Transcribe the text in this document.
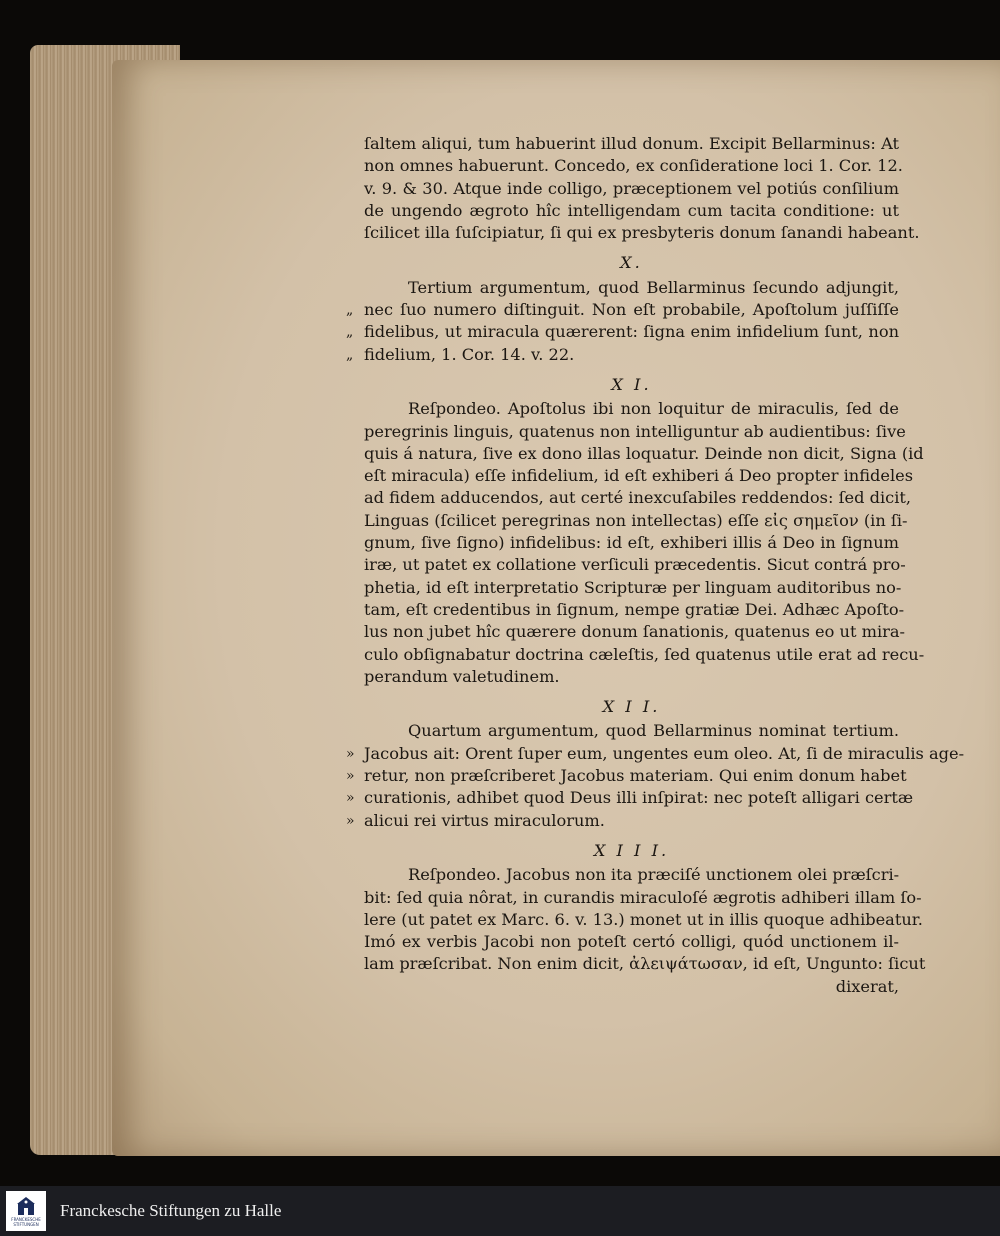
ſaltem aliqui, tum habuerint illud donum. Excipit Bellarminus: At
non omnes habuerunt. Concedo, ex conſideratione loci 1. Cor. 12.
v. 9. & 30. Atque inde colligo, præceptionem vel potiús conſilium
de ungendo ægroto hîc intelligendam cum tacita conditione: ut
ſcilicet illa ſuſcipiatur, ſi qui ex presbyteris donum ſanandi habeant.
X.
Tertium argumentum, quod Bellarminus ſecundo adjungit,
„ nec ſuo numero diſtinguit. Non eſt probabile, Apoſtolum juſſiſſe
„ fidelibus, ut miracula quærerent: ſigna enim infidelium ſunt, non
„ fidelium, 1. Cor. 14. v. 22.
X I.
Reſpondeo. Apoſtolus ibi non loquitur de miraculis, ſed de
peregrinis linguis, quatenus non intelliguntur ab audientibus: ſive
quis á natura, ſive ex dono illas loquatur. Deinde non dicit, Signa (id
eſt miracula) eſſe infidelium, id eſt exhiberi á Deo propter infideles
ad fidem adducendos, aut certé inexcuſabiles reddendos: ſed dicit,
Linguas (ſcilicet peregrinas non intellectas) eſſe εἰς σημεῖον (in ſi-
gnum, ſive ſigno) infidelibus: id eſt, exhiberi illis á Deo in ſignum
iræ, ut patet ex collatione verſiculi præcedentis. Sicut contrá pro-
phetia, id eſt interpretatio Scripturæ per linguam auditoribus no-
tam, eſt credentibus in ſignum, nempe gratiæ Dei. Adhæc Apoſto-
lus non jubet hîc quærere donum ſanationis, quatenus eo ut mira-
culo obſignabatur doctrina cæleſtis, ſed quatenus utile erat ad recu-
perandum valetudinem.
X I I.
Quartum argumentum, quod Bellarminus nominat tertium.
» Jacobus ait: Orent ſuper eum, ungentes eum oleo. At, ſi de miraculis age-
» retur, non præſcriberet Jacobus materiam. Qui enim donum habet
» curationis, adhibet quod Deus illi inſpirat: nec poteſt alligari certæ
» alicui rei virtus miraculorum.
X I I I.
Reſpondeo. Jacobus non ita præciſé unctionem olei præſcri-
bit: ſed quia nôrat, in curandis miraculoſé ægrotis adhiberi illam ſo-
lere (ut patet ex Marc. 6. v. 13.) monet ut in illis quoque adhibeatur.
Imó ex verbis Jacobi non poteſt certó colligi, quód unctionem il-
lam præſcribat. Non enim dicit, ἀλειψάτωσαν, id eſt, Ungunto: ſicut
dixerat,
FRANCKESCHE
STIFTUNGEN
Franckesche Stiftungen zu Halle
